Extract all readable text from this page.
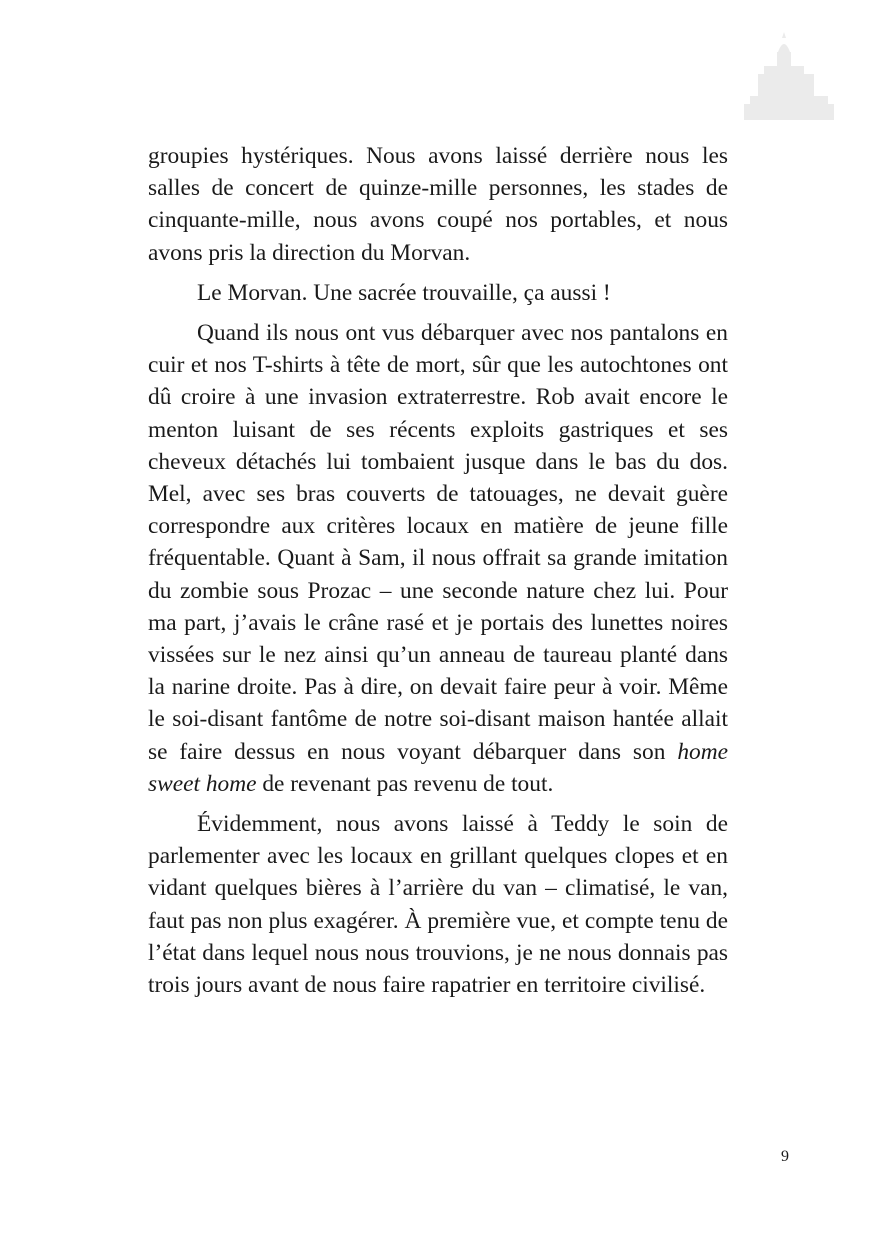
groupies hystériques. Nous avons laissé derrière nous les salles de concert de quinze-mille personnes, les stades de cinquante-mille, nous avons coupé nos portables, et nous avons pris la direction du Morvan.

Le Morvan. Une sacrée trouvaille, ça aussi !

Quand ils nous ont vus débarquer avec nos pantalons en cuir et nos T-shirts à tête de mort, sûr que les autochtones ont dû croire à une invasion extraterrestre. Rob avait encore le menton luisant de ses récents exploits gastriques et ses cheveux détachés lui tombaient jusque dans le bas du dos. Mel, avec ses bras couverts de tatouages, ne devait guère correspondre aux critères locaux en matière de jeune fille fréquentable. Quant à Sam, il nous offrait sa grande imitation du zombie sous Prozac – une seconde nature chez lui. Pour ma part, j’avais le crâne rasé et je portais des lunettes noires vissées sur le nez ainsi qu’un anneau de taureau planté dans la narine droite. Pas à dire, on devait faire peur à voir. Même le soi-disant fantôme de notre soi-disant maison hantée allait se faire dessus en nous voyant débarquer dans son home sweet home de revenant pas revenu de tout.

Évidemment, nous avons laissé à Teddy le soin de parlementer avec les locaux en grillant quelques clopes et en vidant quelques bières à l’arrière du van – climatisé, le van, faut pas non plus exagérer. À première vue, et compte tenu de l’état dans lequel nous nous trouvions, je ne nous donnais pas trois jours avant de nous faire rapatrier en territoire civilisé.

9
